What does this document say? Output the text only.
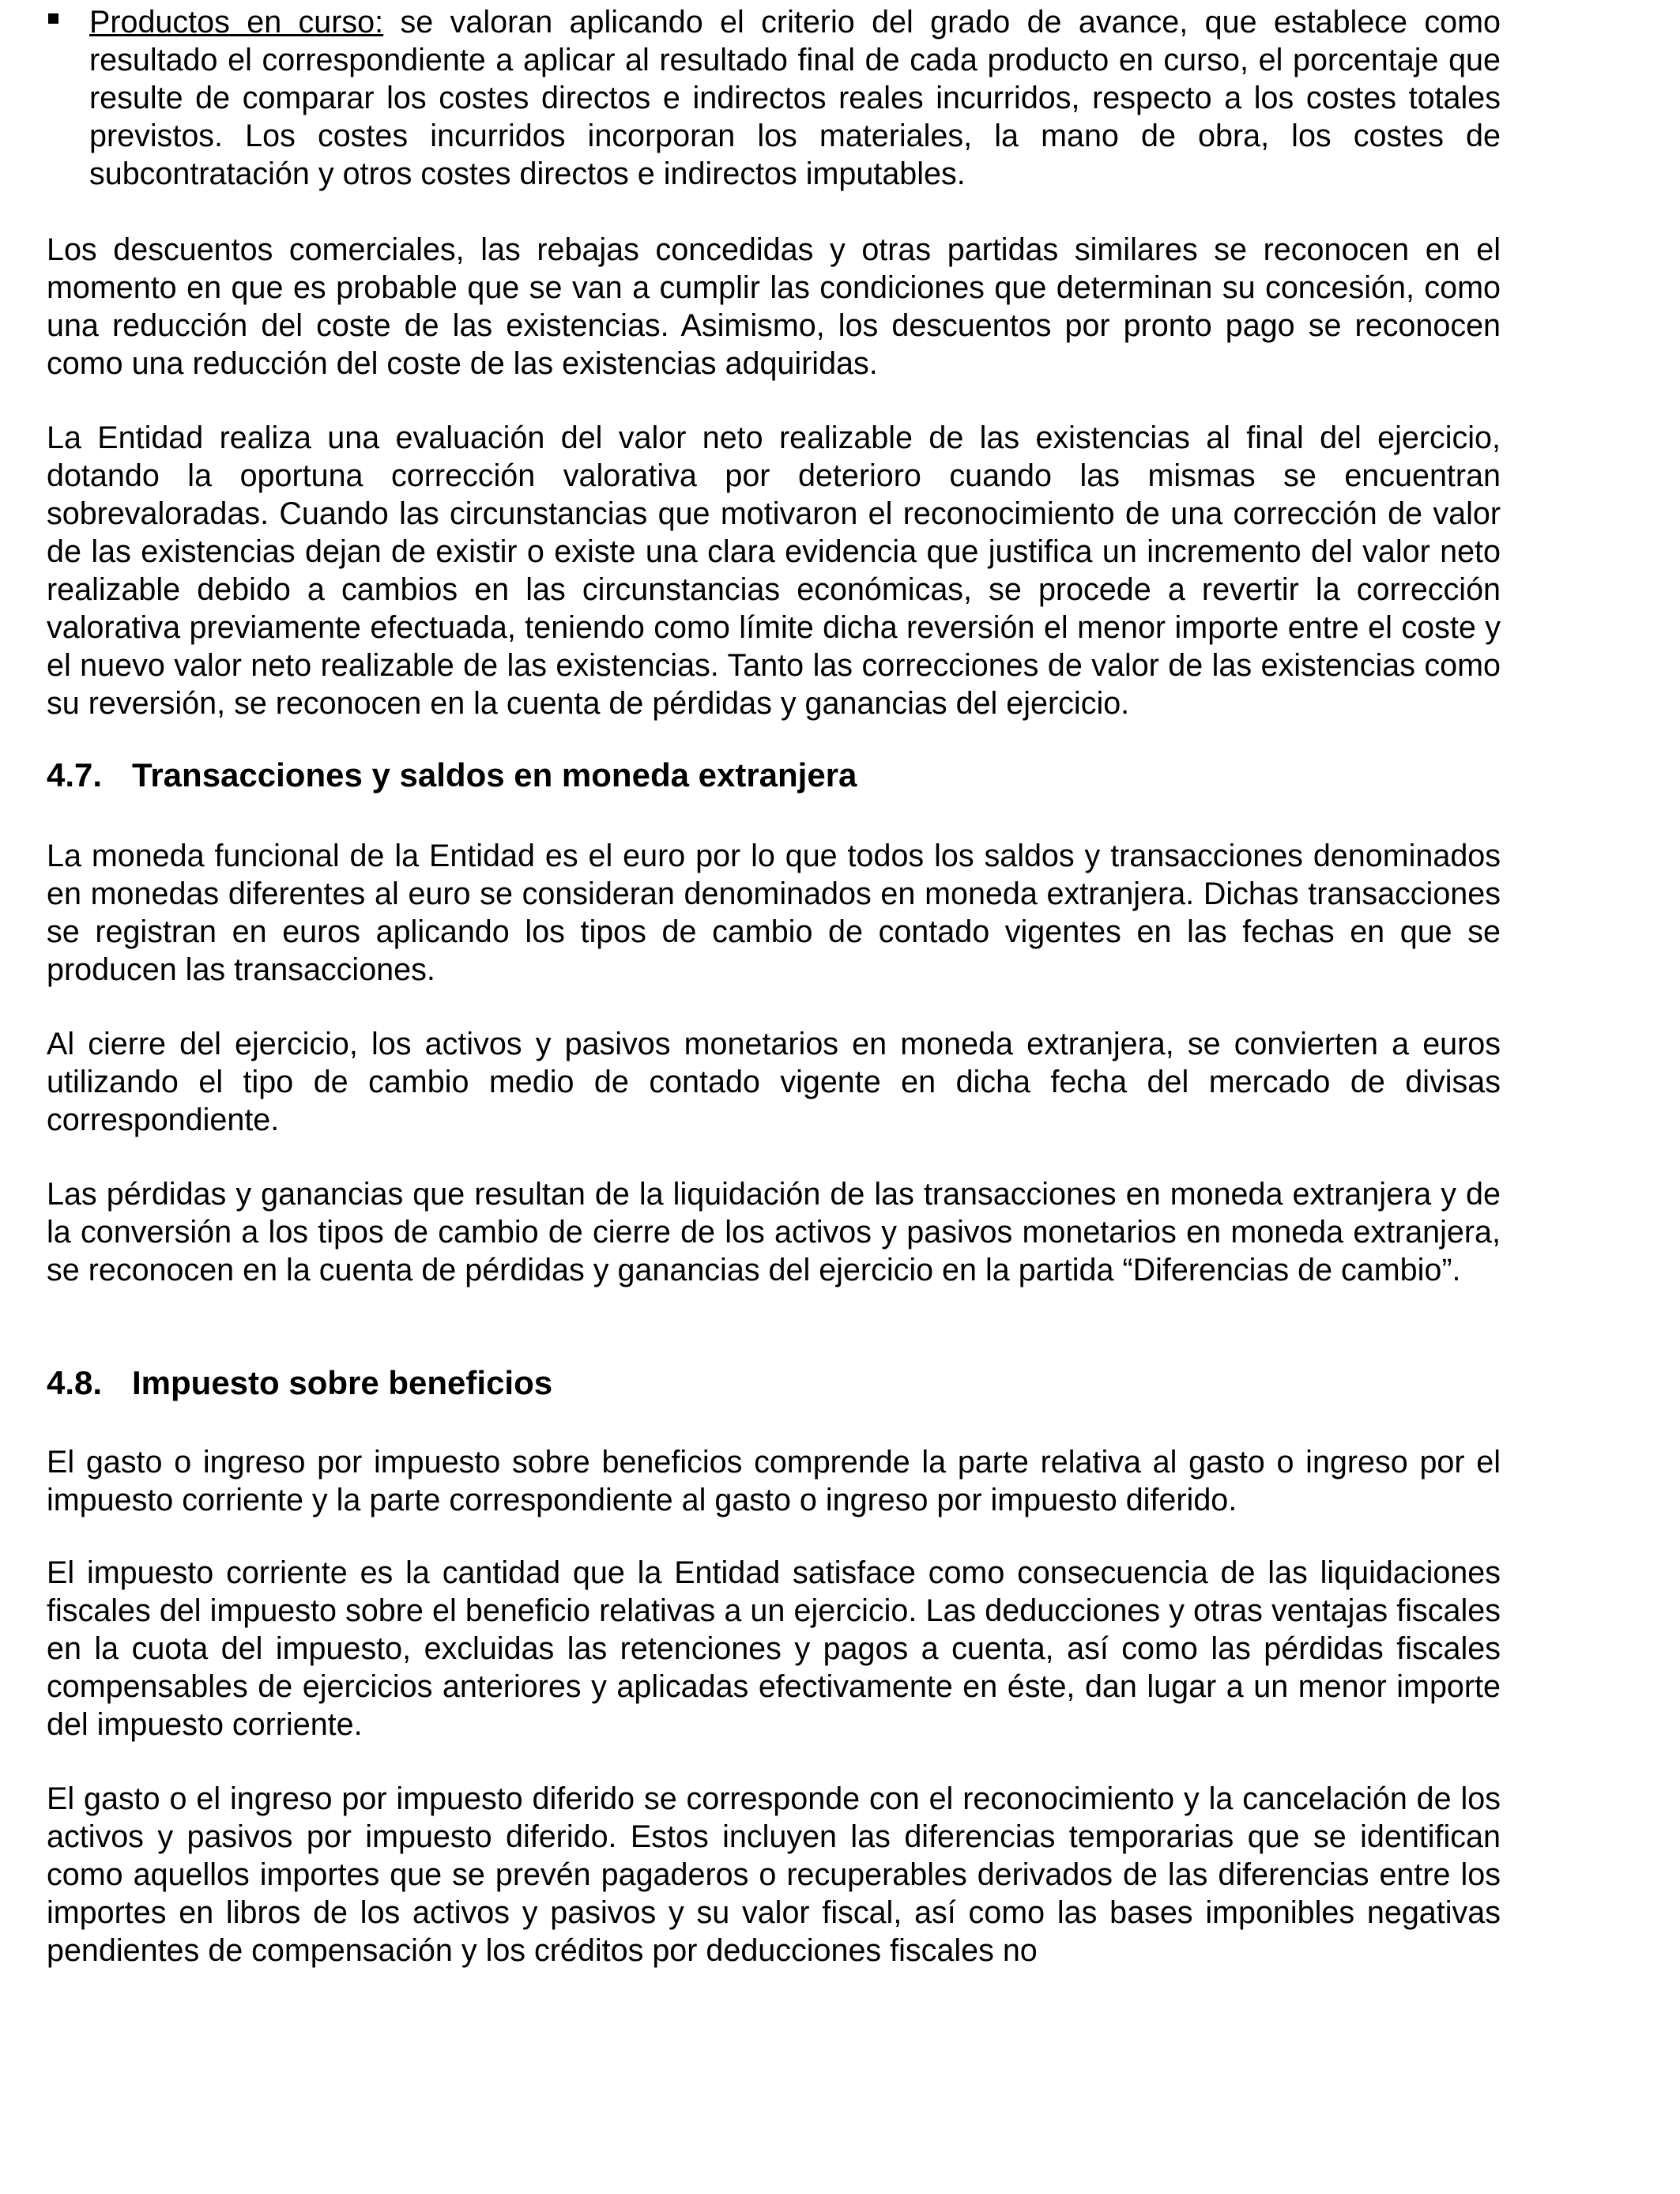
Productos en curso: se valoran aplicando el criterio del grado de avance, que establece como resultado el correspondiente a aplicar al resultado final de cada producto en curso, el porcentaje que resulte de comparar los costes directos e indirectos reales incurridos, respecto a los costes totales previstos. Los costes incurridos incorporan los materiales, la mano de obra, los costes de subcontratación y otros costes directos e indirectos imputables.

Los descuentos comerciales, las rebajas concedidas y otras partidas similares se reconocen en el momento en que es probable que se van a cumplir las condiciones que determinan su concesión, como una reducción del coste de las existencias. Asimismo, los descuentos por pronto pago se reconocen como una reducción del coste de las existencias adquiridas.

La Entidad realiza una evaluación del valor neto realizable de las existencias al final del ejercicio, dotando la oportuna corrección valorativa por deterioro cuando las mismas se encuentran sobrevaloradas. Cuando las circunstancias que motivaron el reconocimiento de una corrección de valor de las existencias dejan de existir o existe una clara evidencia que justifica un incremento del valor neto realizable debido a cambios en las circunstancias económicas, se procede a revertir la corrección valorativa previamente efectuada, teniendo como límite dicha reversión el menor importe entre el coste y el nuevo valor neto realizable de las existencias. Tanto las correcciones de valor de las existencias como su reversión, se reconocen en la cuenta de pérdidas y ganancias del ejercicio.

4.7. Transacciones y saldos en moneda extranjera

La moneda funcional de la Entidad es el euro por lo que todos los saldos y transacciones denominados en monedas diferentes al euro se consideran denominados en moneda extranjera. Dichas transacciones se registran en euros aplicando los tipos de cambio de contado vigentes en las fechas en que se producen las transacciones.

Al cierre del ejercicio, los activos y pasivos monetarios en moneda extranjera, se convierten a euros utilizando el tipo de cambio medio de contado vigente en dicha fecha del mercado de divisas correspondiente.

Las pérdidas y ganancias que resultan de la liquidación de las transacciones en moneda extranjera y de la conversión a los tipos de cambio de cierre de los activos y pasivos monetarios en moneda extranjera, se reconocen en la cuenta de pérdidas y ganancias del ejercicio en la partida “Diferencias de cambio”.

4.8. Impuesto sobre beneficios

El gasto o ingreso por impuesto sobre beneficios comprende la parte relativa al gasto o ingreso por el impuesto corriente y la parte correspondiente al gasto o ingreso por impuesto diferido.

El impuesto corriente es la cantidad que la Entidad satisface como consecuencia de las liquidaciones fiscales del impuesto sobre el beneficio relativas a un ejercicio. Las deducciones y otras ventajas fiscales en la cuota del impuesto, excluidas las retenciones y pagos a cuenta, así como las pérdidas fiscales compensables de ejercicios anteriores y aplicadas efectivamente en éste, dan lugar a un menor importe del impuesto corriente.

El gasto o el ingreso por impuesto diferido se corresponde con el reconocimiento y la cancelación de los activos y pasivos por impuesto diferido. Estos incluyen las diferencias temporarias que se identifican como aquellos importes que se prevén pagaderos o recuperables derivados de las diferencias entre los importes en libros de los activos y pasivos y su valor fiscal, así como las bases imponibles negativas pendientes de compensación y los créditos por deducciones fiscales no
